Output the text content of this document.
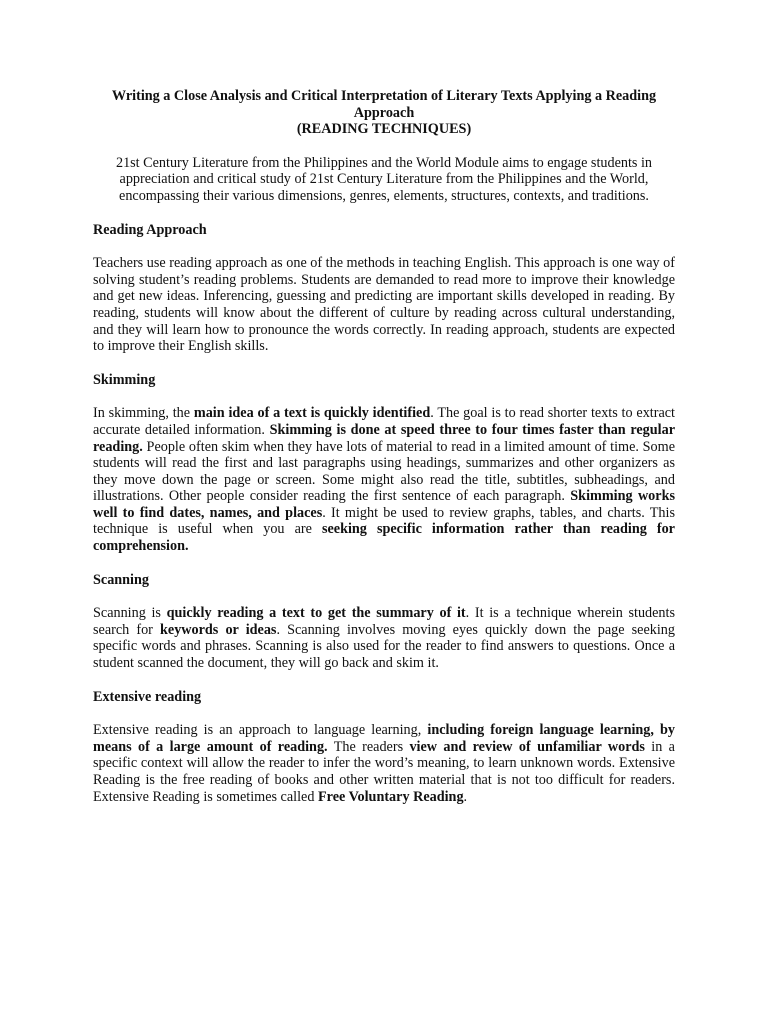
Writing a Close Analysis and Critical Interpretation of Literary Texts Applying a Reading Approach
(READING TECHNIQUES)

21st Century Literature from the Philippines and the World Module aims to engage students in appreciation and critical study of 21st Century Literature from the Philippines and the World, encompassing their various dimensions, genres, elements, structures, contexts, and traditions.

Reading Approach

Teachers use reading approach as one of the methods in teaching English. This approach is one way of solving student’s reading problems. Students are demanded to read more to improve their knowledge and get new ideas. Inferencing, guessing and predicting are important skills developed in reading. By reading, students will know about the different of culture by reading across cultural understanding, and they will learn how to pronounce the words correctly. In reading approach, students are expected to improve their English skills.

Skimming

In skimming, the main idea of a text is quickly identified. The goal is to read shorter texts to extract accurate detailed information. Skimming is done at speed three to four times faster than regular reading. People often skim when they have lots of material to read in a limited amount of time. Some students will read the first and last paragraphs using headings, summarizes and other organizers as they move down the page or screen. Some might also read the title, subtitles, subheadings, and illustrations. Other people consider reading the first sentence of each paragraph. Skimming works well to find dates, names, and places. It might be used to review graphs, tables, and charts. This technique is useful when you are seeking specific information rather than reading for comprehension.

Scanning

Scanning is quickly reading a text to get the summary of it. It is a technique wherein students search for keywords or ideas. Scanning involves moving eyes quickly down the page seeking specific words and phrases. Scanning is also used for the reader to find answers to questions. Once a student scanned the document, they will go back and skim it.

Extensive reading

Extensive reading is an approach to language learning, including foreign language learning, by means of a large amount of reading. The readers view and review of unfamiliar words in a specific context will allow the reader to infer the word’s meaning, to learn unknown words. Extensive Reading is the free reading of books and other written material that is not too difficult for readers. Extensive Reading is sometimes called Free Voluntary Reading.
